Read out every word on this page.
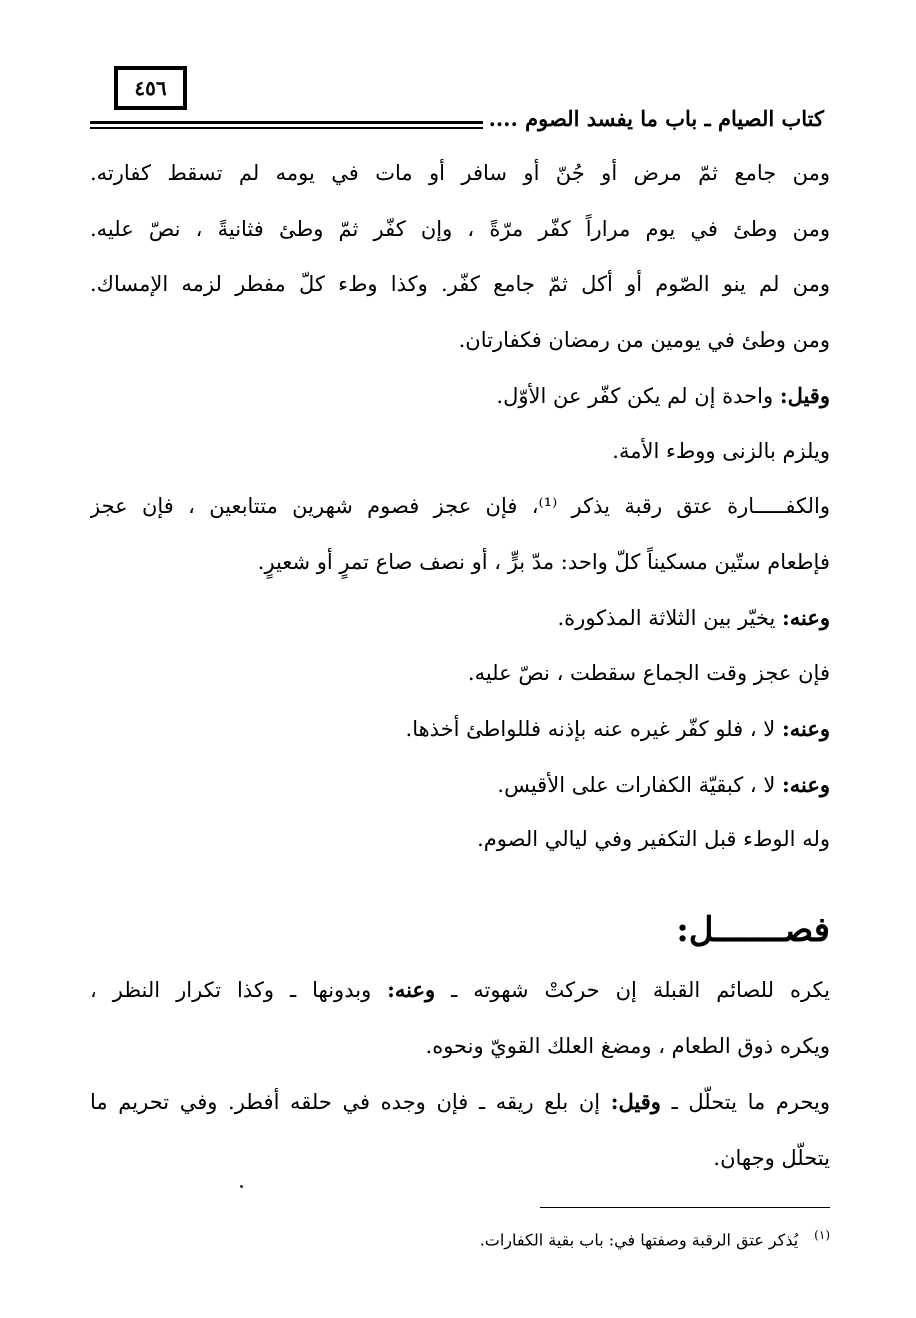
٤٥٦
كتاب الصيام ـ باب ما يفسد الصوم ....
ومن جامع ثمّ مرض أو جُنّ أو سافر أو مات في يومه لم تسقط كفارته.
ومن وطئ في يوم مراراً كفّر مرّةً ، وإن كفّر ثمّ وطئ فثانيةً ، نصّ عليه.
ومن لم ينو الصّوم أو أكل ثمّ جامع كفّر. وكذا وطء كلّ مفطر لزمه الإمساك.
ومن وطئ في يومين من رمضان فكفارتان.
وقيل: واحدة إن لم يكن كفّر عن الأوّل.
ويلزم بالزنى ووطء الأمة.
والكفـــــارة عتق رقبة يذكر ⁽¹⁾، فإن عجز فصوم شهرين متتابعين ، فإن عجز
فإطعام ستّين مسكيناً كلّ واحد: مدّ برٍّ ، أو نصف صاع تمرٍ أو شعيرٍ.
وعنه: يخيّر بين الثلاثة المذكورة.
فإن عجز وقت الجماع سقطت ، نصّ عليه.
وعنه: لا ، فلو كفّر غيره عنه بإذنه فللواطئ أخذها.
وعنه: لا ، كبقيّة الكفارات على الأقيس.
وله الوطء قبل التكفير وفي ليالي الصوم.
فصـــــــل:
يكره للصائم القبلة إن حركتْ شهوته ـ وعنه: وبدونها ـ وكذا تكرار النظر ،
ويكره ذوق الطعام ، ومضغ العلك القويّ ونحوه.
ويحرم ما يتحلّل ـ وقيل: إن بلع ريقه ـ فإن وجده في حلقه أفطر. وفي تحريم ما
يتحلّل وجهان.
$^{(١)}$يُذكر عتق الرقبة وصفتها في: باب بقية الكفارات.
